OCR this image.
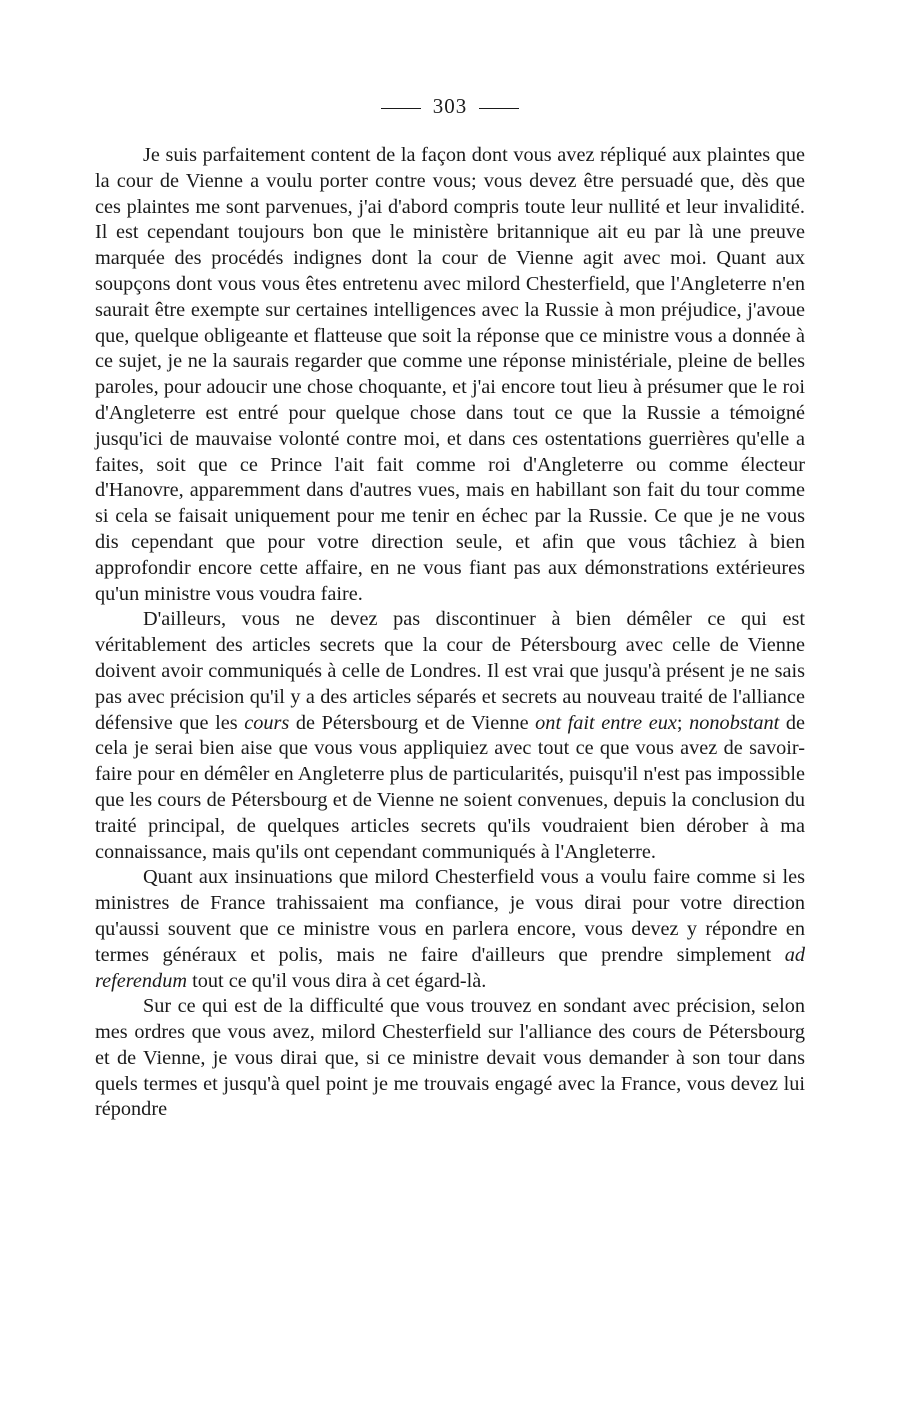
303

Je suis parfaitement content de la façon dont vous avez répliqué aux plaintes que la cour de Vienne a voulu porter contre vous; vous devez être persuadé que, dès que ces plaintes me sont parvenues, j'ai d'abord compris toute leur nullité et leur invalidité. Il est cependant toujours bon que le ministère britannique ait eu par là une preuve marquée des procédés indignes dont la cour de Vienne agit avec moi. Quant aux soupçons dont vous vous êtes entretenu avec milord Chesterfield, que l'Angleterre n'en saurait être exempte sur certaines intelligences avec la Russie à mon préjudice, j'avoue que, quelque obligeante et flatteuse que soit la réponse que ce ministre vous a donnée à ce sujet, je ne la saurais regarder que comme une réponse ministériale, pleine de belles paroles, pour adoucir une chose choquante, et j'ai encore tout lieu à présumer que le roi d'Angleterre est entré pour quelque chose dans tout ce que la Russie a témoigné jusqu'ici de mauvaise volonté contre moi, et dans ces ostentations guerrières qu'elle a faites, soit que ce Prince l'ait fait comme roi d'Angleterre ou comme électeur d'Hanovre, apparemment dans d'autres vues, mais en habillant son fait du tour comme si cela se faisait uniquement pour me tenir en échec par la Russie. Ce que je ne vous dis cependant que pour votre direction seule, et afin que vous tâchiez à bien approfondir encore cette affaire, en ne vous fiant pas aux démonstrations extérieures qu'un ministre vous voudra faire.

D'ailleurs, vous ne devez pas discontinuer à bien démêler ce qui est véritablement des articles secrets que la cour de Pétersbourg avec celle de Vienne doivent avoir communiqués à celle de Londres. Il est vrai que jusqu'à présent je ne sais pas avec précision qu'il y a des articles séparés et secrets au nouveau traité de l'alliance défensive que les cours de Pétersbourg et de Vienne ont fait entre eux; nonobstant de cela je serai bien aise que vous vous appliquiez avec tout ce que vous avez de savoir-faire pour en démêler en Angleterre plus de particularités, puisqu'il n'est pas impossible que les cours de Pétersbourg et de Vienne ne soient convenues, depuis la conclusion du traité principal, de quelques articles secrets qu'ils voudraient bien dérober à ma connaissance, mais qu'ils ont cependant communiqués à l'Angleterre.

Quant aux insinuations que milord Chesterfield vous a voulu faire comme si les ministres de France trahissaient ma confiance, je vous dirai pour votre direction qu'aussi souvent que ce ministre vous en parlera encore, vous devez y répondre en termes généraux et polis, mais ne faire d'ailleurs que prendre simplement ad referendum tout ce qu'il vous dira à cet égard-là.

Sur ce qui est de la difficulté que vous trouvez en sondant avec précision, selon mes ordres que vous avez, milord Chesterfield sur l'alliance des cours de Pétersbourg et de Vienne, je vous dirai que, si ce ministre devait vous demander à son tour dans quels termes et jusqu'à quel point je me trouvais engagé avec la France, vous devez lui répondre
